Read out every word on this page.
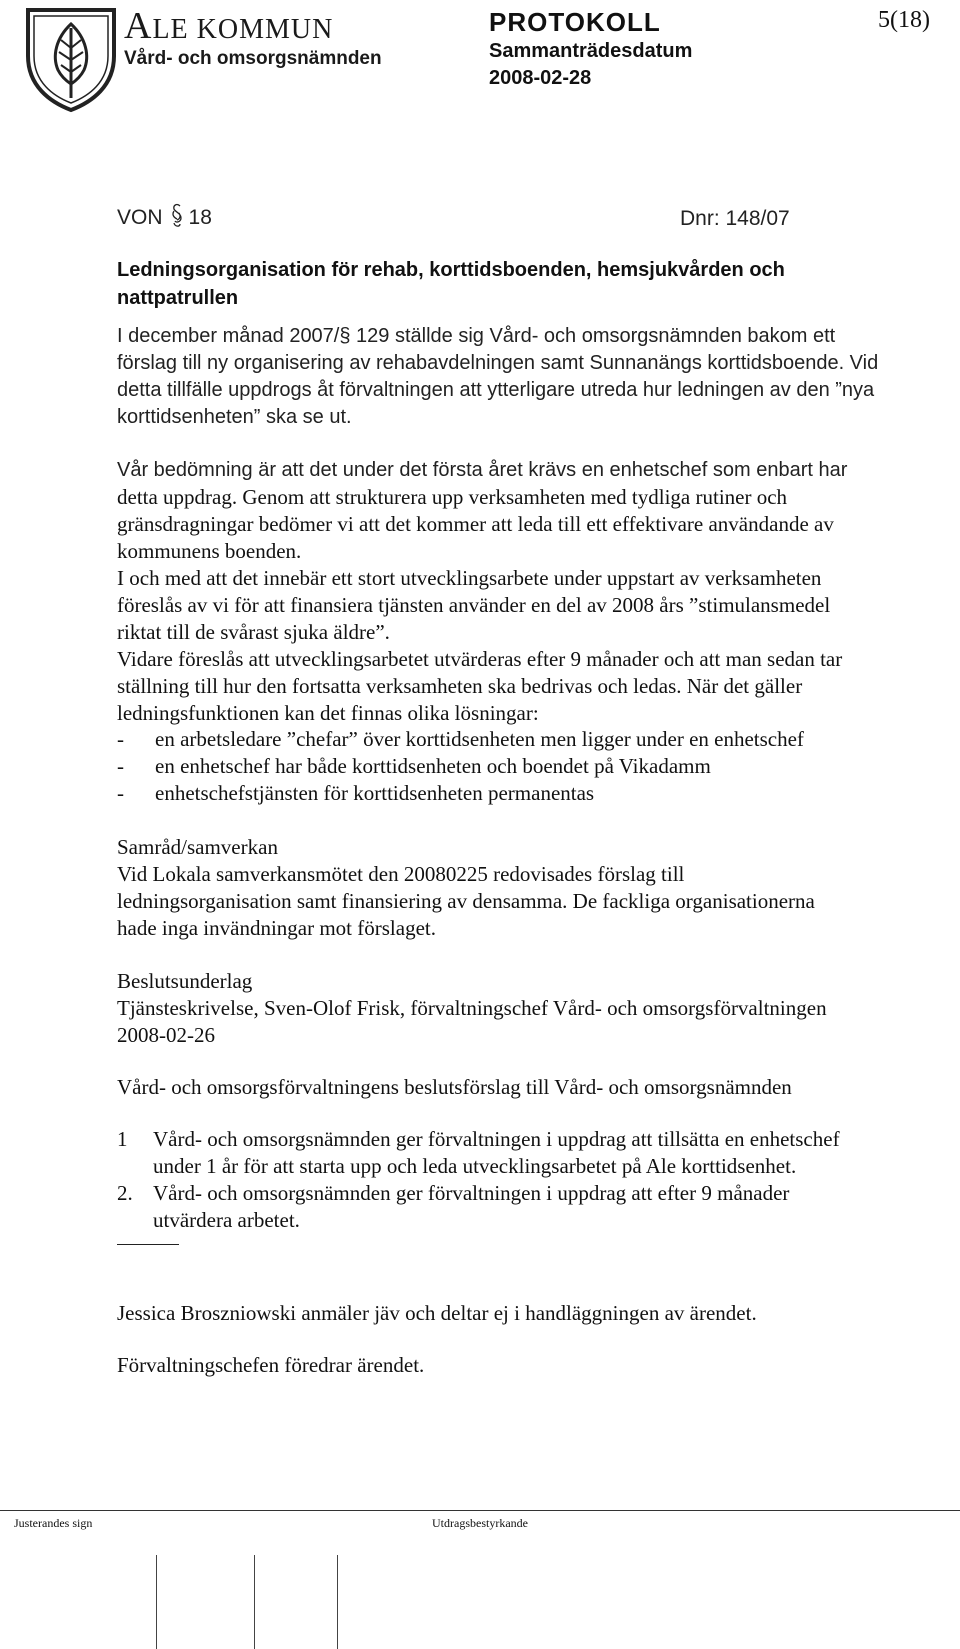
ALE KOMMUN
Vård- och omsorgsnämnden
PROTOKOLL
Sammanträdesdatum
2008-02-28
5(18)
VON 18	Dnr: 148/07
Ledningsorganisation för rehab, korttidsboenden, hemsjukvården och nattpatrullen
I december månad 2007/§ 129 ställde sig Vård- och omsorgsnämnden bakom ett
förslag till ny organisering av rehabavdelningen samt Sunnanängs korttidsboende. Vid
detta tillfälle uppdrogs åt förvaltningen att ytterligare utreda hur ledningen av den ”nya
korttidsenheten” ska se ut.
Vår bedömning är att det under det första året krävs en enhetschef som enbart har
detta uppdrag. Genom att strukturera upp verksamheten med tydliga rutiner och
gränsdragningar bedömer vi att det kommer att leda till ett effektivare användande av
kommunens boenden.
I och med att det innebär ett stort utvecklingsarbete under uppstart av verksamheten
föreslås av vi för att finansiera tjänsten använder en del av 2008 års ”stimulansmedel
riktat till de svårast sjuka äldre”.
Vidare föreslås att utvecklingsarbetet utvärderas efter 9 månader och att man sedan tar
ställning till hur den fortsatta verksamheten ska bedrivas och ledas. När det gäller
ledningsfunktionen kan det finnas olika lösningar:
- en arbetsledare ”chefar” över korttidsenheten men ligger under en enhetschef
- en enhetschef har både korttidsenheten och boendet på Vikadamm
- enhetschefstjänsten för korttidsenheten permanentas
Samråd/samverkan
Vid Lokala samverkansmötet den 20080225 redovisades förslag till
ledningsorganisation samt finansiering av densamma. De fackliga organisationerna
hade inga invändningar mot förslaget.
Beslutsunderlag
Tjänsteskrivelse, Sven-Olof Frisk, förvaltningschef Vård- och omsorgsförvaltningen
2008-02-26
Vård- och omsorgsförvaltningens beslutsförslag till Vård- och omsorgsnämnden
1 Vård- och omsorgsnämnden ger förvaltningen i uppdrag att tillsätta en enhetschef
under 1 år för att starta upp och leda utvecklingsarbetet på Ale korttidsenhet.
2. Vård- och omsorgsnämnden ger förvaltningen i uppdrag att efter 9 månader
utvärdera arbetet.
Jessica Broszniowski anmäler jäv och deltar ej i handläggningen av ärendet.
Förvaltningschefen föredrar ärendet.
Justerandes sign	Utdragsbestyrkande
